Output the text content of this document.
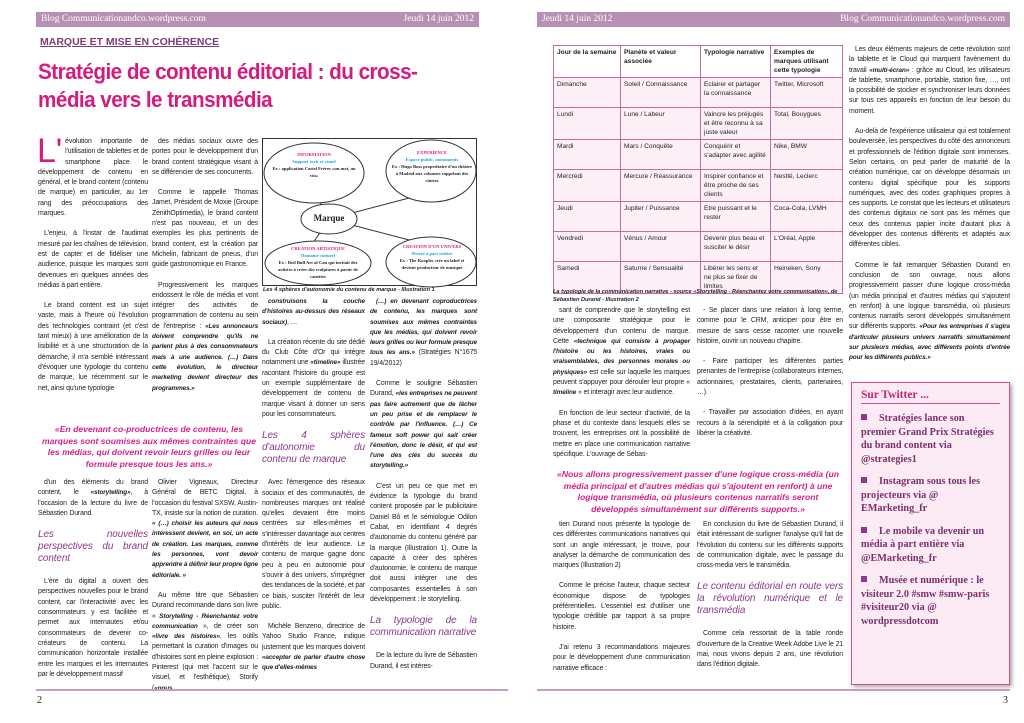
Blog Communicationandco.wordpress.com	Jeudi 14 juin 2012
MARQUE ET MISE EN COHÉRENCE
Stratégie de contenu éditorial : du cross-média vers le transmédia

L'évolution importante de l'utilisation de tablettes et de smartphone place le développement de contenu en général, et le brand content (contenu de marque) en particulier, au 1er rang des préoccupations des marques.

L'enjeu, à l'instar de l'audimat mesuré par les chaînes de télévision, est de capter et de fidéliser une audience, puisque les marques sont devenues en quelques années des médias à part entière.

Le brand content est un sujet vaste, mais à l'heure où l'évolution des technologies contraint (et c'est tant mieux) à une amélioration de la lisibilité et à une structuration de la démarche, il m'a semblé intéressant d'évoquer une typologie du contenu de marque, lue récemment sur le net, ainsi qu'une typologie

des médias sociaux ouvre des portes pour le développement d'un brand content stratégique visant à se différencier de ses concurrents.

Comme le rappelle Thomas Jamet, Président de Moxie (Groupe ZenithOptimedia), le brand content n'est pas nouveau, et un des exemples les plus pertinents de brand content, est la création par Michelin, fabricant de pneus, d'un guide gastronomique en France.

Progressivement les marques endossent le rôle de média et vont intégrer des activités de programmation de contenu au sein de l'entreprise : «Les annonceurs doivent comprendre qu'ils ne parlent plus à des consommateurs mais à une audience. (…) Dans cette évolution, le directeur marketing devient directeur des programmes.»

«En devenant co-productrices de contenu, les marques sont soumises aux mêmes contraintes que les médias, qui doivent revoir leurs grilles ou leur formule presque tous les ans.»

d'un des éléments du brand content, le «storytelling», à l'occasion de la lecture du livre de Sébastien Durand.

Les nouvelles perspectives du brand content

L'ère du digital a ouvert des perspectives nouvelles pour le brand content, car l'interactivité avec les consommateurs y est facilitée et permet aux internautes et/ou consommateurs de devenir co-créateurs de contenu. La communication horizontale installée entre les marques et les internautes par le développement massif

Olivier Vigneaux, Directeur Général de BETC Digital, à l'occasion du festival SXSW, Austin-TX, insiste sur la notion de curation. « (…) choisir les auteurs qui nous intéressent devient, en soi, un acte de création. Les marques, comme les personnes, vont devoir apprendre à définir leur propre ligne éditoriale. »

Au même titre que Sébastien Durand recommande dans son livre « Storytelling - Réenchantez votre communication », de créer son «livre des histoires», les outils permettant la curation d'images ou d'histoires sont en pleine explosion : Pinterest (qui met l'accent sur le visuel, et l'esthétique), Storify

construisons la couche d'histoires au-dessus des réseaux sociaux), …

La création récente du site dédié du Club Côte d'Or qui intègre notamment une «timeline» illustrée racontant l'histoire du groupe est un exemple supplémentaire de développement de contenu de marque visant à donner un sens pour les consommateurs.

Les 4 sphères d'autonomie du contenu de marque

Avec l'émergence des réseaux sociaux et des communautés, de nombreuses marques ont réalisé qu'elles devaient être moins centrées sur elles-mêmes et s'intéresser davantage aux centres d'intérêts de leur audience. Le contenu de marque gagne donc peu à peu en autonomie pour s'ouvrir à des univers, s'imprégner des tendances de la société, et par ce biais, susciter l'intérêt de leur public.

Michèle Benzeno, directrice de Yahoo Studio France, indique justement que les marques doivent «accepter de parler d'autre chose que d'elles-mêmes

(…) en devenant coproductrices de contenu, les marques sont soumises aux mêmes contraintes que les médias, qui doivent revoir leurs grilles ou leur formule presque tous les ans.» (Stratégies N°1675 19/4/2012)

Comme le souligne Sébastien Durand, «les entreprises ne peuvent pas faire autrement que de lâcher un peu prise et de remplacer le contrôle par l'influence. (…) Ce fameux soft power qui sait créer l'émotion, donc le désir, et qui est l'une des clés du succès du storytelling.»

C'est un peu ce que met en évidence la typologie du brand content proposée par le publicitaire Daniel Bô et le sémiologue Odilon Cabat, en identifiant 4 degrés d'autonomie du contenu généré par la marque (Illustration 1). Outre la capacité à créer des sphères d'autonomie, le contenu de marque doit aussi intégrer une des composantes essentielles à son développement : le storytelling.

La typologie de la communication narrative

De la lecture du livre de Sébastien Durand, il est intéres-

Marque
INFORMATION
Support écrit et visuel
Ex : application Castel Frères «un mot, un vin»
EXPERIENCE
Espace public, monuments
Ex : Hugo Boss propriétaire d'un théâtre à Madrid aux colonnes rappelant des cintres
CREATION ARTISTIQUE
Domaine culturel
Ex : Red Bull Art of Can qui invitait des artistes à créer des sculptures à partir de canettes
CREATION D'UN UNIVERS
Œuvre à part entière
Ex : The Kooples crée un label et devient producteur de musique
Les 4 sphères d'autonomie du contenu de marque - Illustration 1
2
Jeudi 14 juin 2012	Blog Communicationandco.wordpress.com
Jour de la semaine	Planète et valeur associée	Typologie narrative	Exemples de marques utilisant cette typologie
Dimanche	Soleil / Connaissance	Eclairer et partager la connaissance	Twitter, Microsoft
Lundi	Lune / Labeur	Vaincre les préjugés et être reconnu à sa juste valeur	Total, Bouygues
Mardi	Mars / Conquête	Conquérir et s'adapter avec agilité	Nike, BMW
Mercredi	Mercure / Réassurance	Inspirer confiance et être proche de ses clients	Nestlé, Leclerc
Jeudi	Jupiter / Puissance	Etre puissant et le rester	Coca-Cola, LVMH
Vendredi	Vénus / Amour	Devenir plus beau et susciter le désir	L'Oréal, Apple
Samedi	Saturne / Sensualité	Libérer les sens et ne plus se fixer de limites	Heineken, Sony
La typologie de la communication narrative - source «Storytelling - Réenchantez votre communication», de Sébastien Durand - Illustration 2

sant de comprendre que le storytelling est une composante stratégique pour le développement d'un contenu de marque. Cette «technique qui consiste à propager l'histoire ou les histoires, vraies ou vraisemblables, des personnes morales ou physiques» est celle sur laquelle les marques peuvent s'appuyer pour dérouler leur propre « timeline » et interagir avec leur audience.

En fonction de leur secteur d'activité, de la phase et du contexte dans lesquels elles se trouvent, les entreprises ont la possibilité de mettre en place une communication narrative spécifique. L'ouvrage de Sébas-

- Se placer dans une relation à long terme, comme pour le CRM, anticiper pour être en mesure de sans cesse raconter une nouvelle histoire, ouvrir un nouveau chapitre.

- Faire participer les différentes parties prenantes de l'entreprise (collaborateurs internes, actionnaires, prestataires, clients, partenaires, …).

- Travailler par association d'idées, en ayant recours à la sérendipité et à la colligation pour libérer la créativité.

«Nous allons progressivement passer d'une logique cross-média (un média principal et d'autres médias qui s'ajoutent en renfort) à une logique transmédia, où plusieurs contenus narratifs seront développés simultanément sur différents supports.»

tien Durand nous présente la typologie de ces différentes communications narratives qui sont un angle intéressant, je trouve, pour analyser la démarche de communication des marques (Illustration 2)

Comme le précise l'auteur, chaque secteur économique dispose de typologies préférentielles. L'essentiel est d'utiliser une typologie crédible par rapport à sa propre histoire.

J'ai retenu 3 recommandations majeures pour le développement d'une communication narrative efficace :

En conclusion du livre de Sébastien Durand, il était intéressant de surligner l'analyse qu'il fait de l'évolution du contenu sur les différents supports de communication digitale, avec le passage du cross-media vers le transmédia.

Le contenu éditorial en route vers la révolution numérique et le transmédia

Comme cela ressortait de la table ronde d'ouverture de la Creative Week Adobe Live le 21 mai, nous vivons depuis 2 ans, une révolution dans l'édition digitale.

Les deux éléments majeurs de cette révolution sont la tablette et le Cloud qui marquent l'avènement du travail «multi-écran» : grâce au Cloud, les utilisateurs de tablette, smartphone, portable, station fixe, …, ont la possibilité de stocker et synchroniser leurs données sur tous ces appareils en fonction de leur besoin du moment.

Au-delà de l'expérience utilisateur qui est totalement bouleversée, les perspectives du côté des annonceurs et professionnels de l'édition digitale sont immenses. Selon certains, on peut parler de maturité de la création numérique, car on développe désormais un contenu digital spécifique pour les supports numériques, avec des codes graphiques propres à ces supports. Le constat que les lecteurs et utilisateurs des contenus digitaux ne sont pas les mêmes que ceux des contenus papier incite d'autant plus à développer des contenus différents et adaptés aux différentes cibles.

Comme le fait remarquer Sébastien Durand en conclusion de son ouvrage, nous allons progressivement passer d'une logique cross-média (un média principal et d'autres médias qui s'ajoutent en renfort) à une logique transmédia, où plusieurs contenus narratifs seront développés simultanément sur différents supports. «Pour les entreprises il s'agira d'articuler plusieurs univers narratifs simultanément sur plusieurs médias, avec différents points d'entrée pour les différents publics.»

Sur Twitter ...
Stratégies lance son premier Grand Prix Stratégies du brand content via @strategies1
Instagram sous tous les projecteurs via @ EMarketing_fr
Le mobile va devenir un média à part entière via @EMarketing_fr
Musée et numérique : le visiteur 2.0 #smw #smw-paris #visiteur20 via @ wordpressdotcom
3
